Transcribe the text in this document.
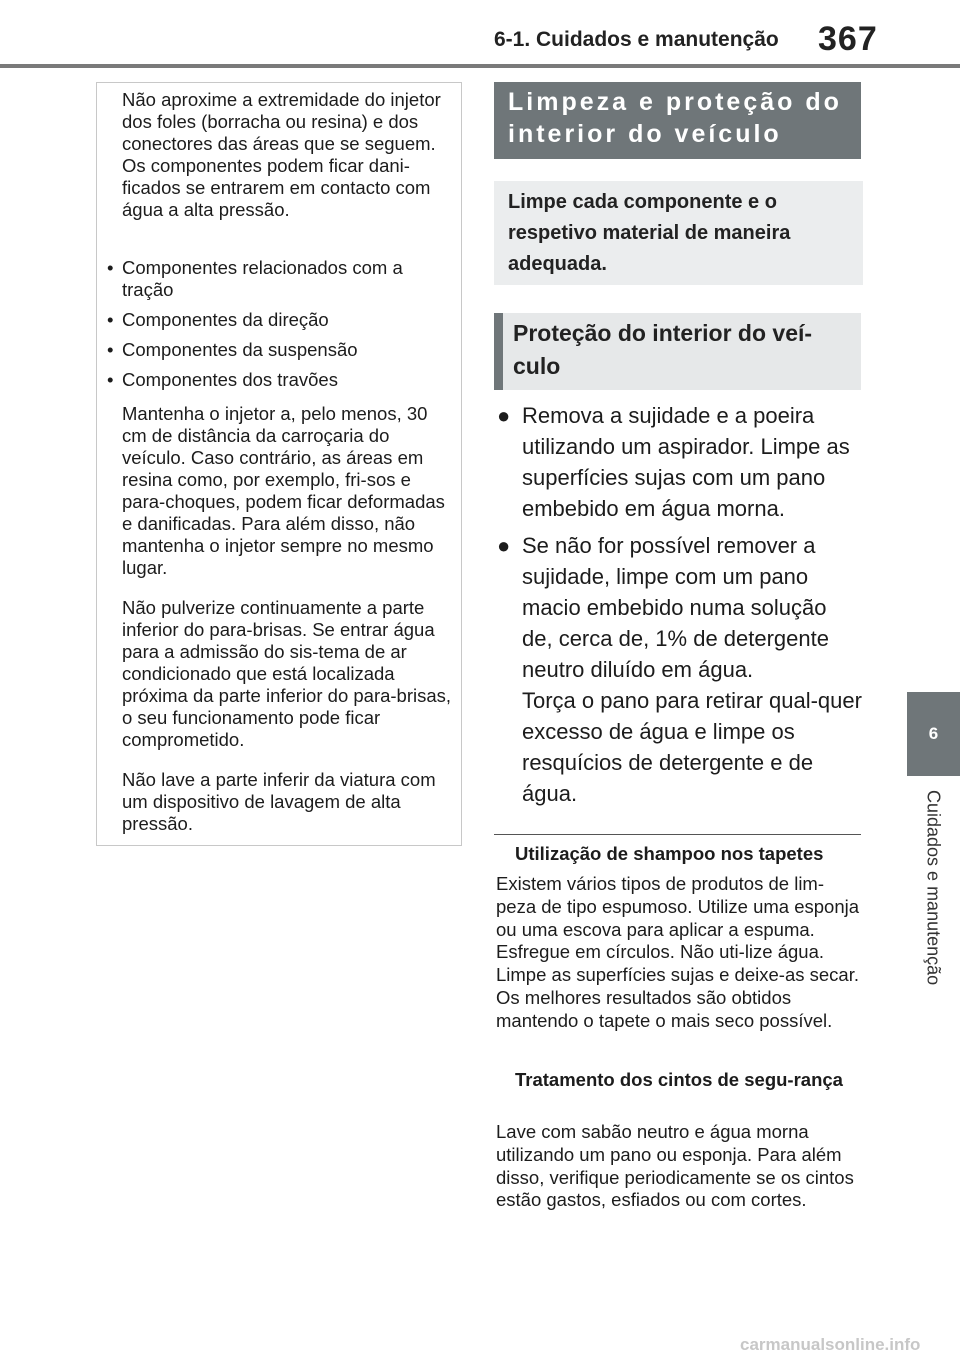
6-1. Cuidados e manutenção 367
6
Cuidados e manutenção

Não aproxime a extremidade do injetor dos foles (borracha ou resina) e dos conectores das áreas que se seguem.
Os componentes podem ficar dani-ficados se entrarem em contacto com água a alta pressão.

• Componentes relacionados com a tração
• Componentes da direção
• Componentes da suspensão
• Componentes dos travões

Mantenha o injetor a, pelo menos, 30 cm de distância da carroçaria do veículo. Caso contrário, as áreas em resina como, por exemplo, fri-sos e para-choques, podem ficar deformadas e danificadas. Para além disso, não mantenha o injetor sempre no mesmo lugar.

Não pulverize continuamente a parte inferior do para-brisas. Se entrar água para a admissão do sis-tema de ar condicionado que está localizada próxima da parte inferior do para-brisas, o seu funcionamento pode ficar comprometido.

Não lave a parte inferir da viatura com um dispositivo de lavagem de alta pressão.

Limpeza e proteção do interior do veículo
Limpe cada componente e o respetivo material de maneira adequada.
Proteção do interior do veí-culo
● Remova a sujidade e a poeira utilizando um aspirador. Limpe as superfícies sujas com um pano embebido em água morna.
● Se não for possível remover a sujidade, limpe com um pano macio embebido numa solução de, cerca de, 1% de detergente neutro diluído em água.
Torça o pano para retirar qual-quer excesso de água e limpe os resquícios de detergente e de água.
Utilização de shampoo nos tapetes
Existem vários tipos de produtos de lim-peza de tipo espumoso. Utilize uma esponja ou uma escova para aplicar a espuma. Esfregue em círculos. Não uti-lize água. Limpe as superfícies sujas e deixe-as secar. Os melhores resultados são obtidos mantendo o tapete o mais seco possível.
Tratamento dos cintos de segu-rança
Lave com sabão neutro e água morna utilizando um pano ou esponja. Para além disso, verifique periodicamente se os cintos estão gastos, esfiados ou com cortes.
carmanualsonline.info
